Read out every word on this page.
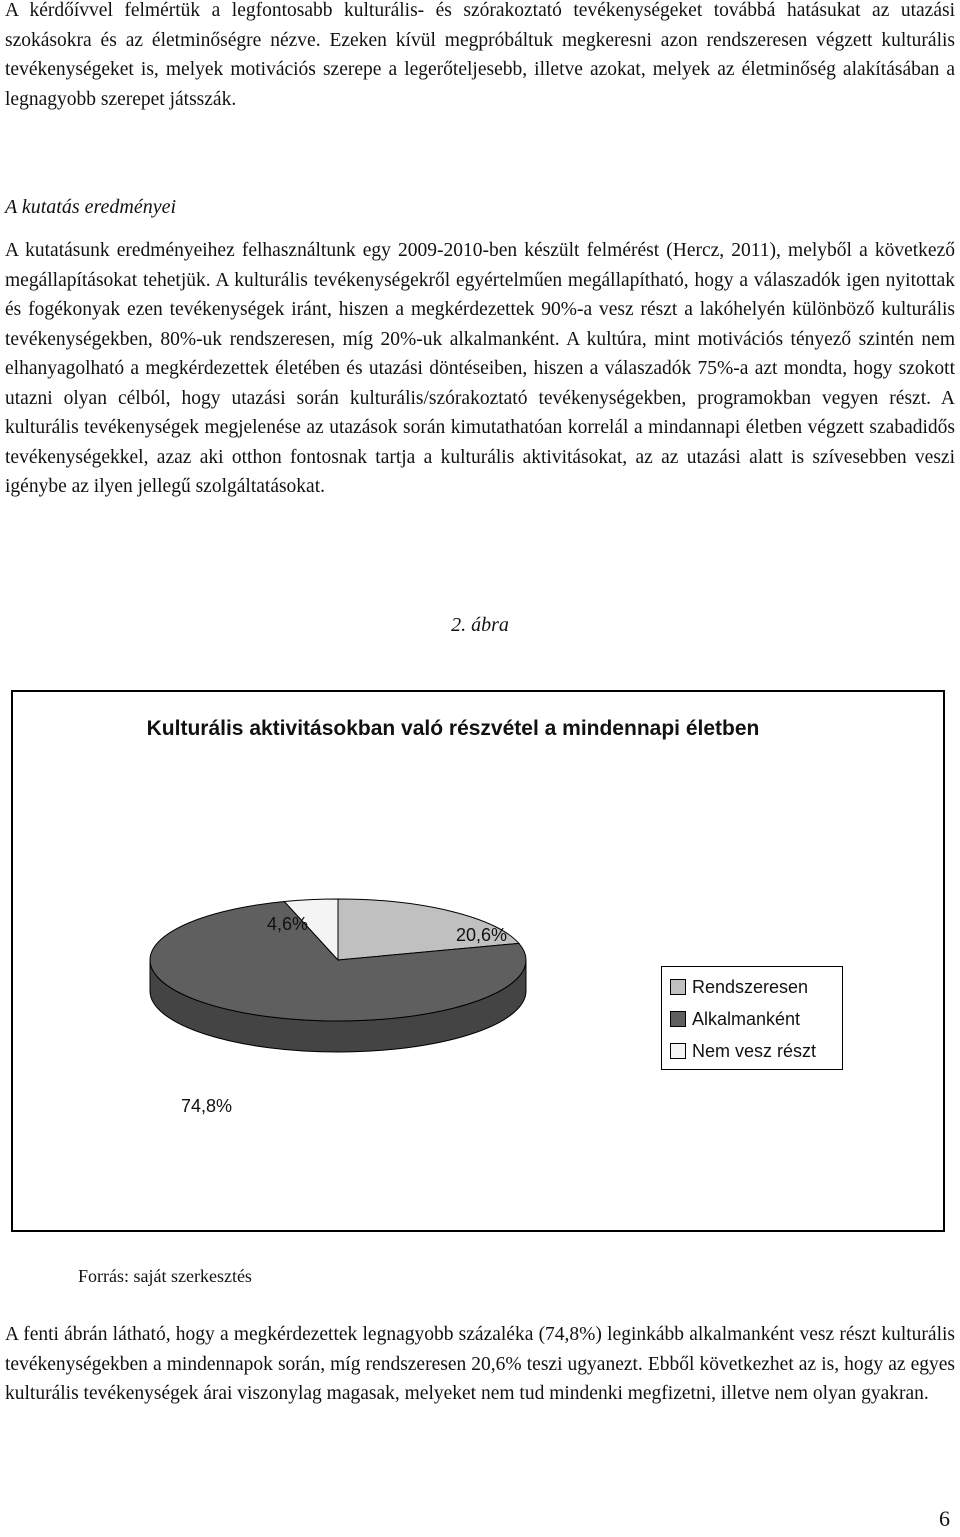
A kérdőívvel felmértük a legfontosabb kulturális- és szórakoztató tevékenységeket továbbá hatásukat az utazási szokásokra és az életminőségre nézve. Ezeken kívül megpróbáltuk megkeresni azon rendszeresen végzett kulturális tevékenységeket is, melyek motivációs szerepe a legerőteljesebb, illetve azokat, melyek az életminőség alakításában a legnagyobb szerepet játsszák.

A kutatás eredményei

A kutatásunk eredményeihez felhasználtunk egy 2009-2010-ben készült felmérést (Hercz, 2011), melyből a következő megállapításokat tehetjük. A kulturális tevékenységekről egyértelműen megállapítható, hogy a válaszadók igen nyitottak és fogékonyak ezen tevékenységek iránt, hiszen a megkérdezettek 90%-a vesz részt a lakóhelyén különböző kulturális tevékenységekben, 80%-uk rendszeresen, míg 20%-uk alkalmanként. A kultúra, mint motivációs tényező szintén nem elhanyagolható a megkérdezettek életében és utazási döntéseiben, hiszen a válaszadók 75%-a azt mondta, hogy szokott utazni olyan célból, hogy utazási során kulturális/szórakoztató tevékenységekben, programokban vegyen részt. A kulturális tevékenységek megjelenése az utazások során kimutathatóan korrelál a mindannapi életben végzett szabadidős tevékenységekkel, azaz aki otthon fontosnak tartja a kulturális aktivitásokat, az az utazási alatt is szívesebben veszi igénybe az ilyen jellegű szolgáltatásokat.

2. ábra
Kulturális aktivitásokban való részvétel a mindennapi életben
4,6%
20,6%
74,8%
Rendszeresen
Alkalmanként
Nem vesz részt
Forrás: saját szerkesztés

A fenti ábrán látható, hogy a megkérdezettek legnagyobb százaléka (74,8%) leginkább alkalmanként vesz részt kulturális tevékenységekben a mindennapok során, míg rendszeresen 20,6% teszi ugyanezt. Ebből következhet az is, hogy az egyes kulturális tevékenységek árai viszonylag magasak, melyeket nem tud mindenki megfizetni, illetve nem olyan gyakran.

6
